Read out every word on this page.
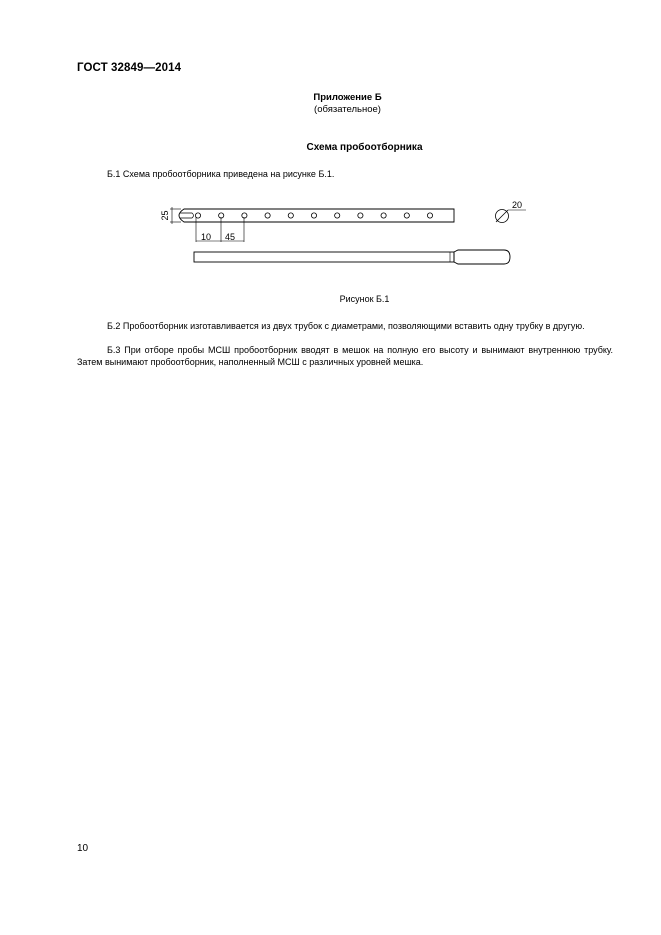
ГОСТ 32849—2014
Приложение Б
(обязательное)
Схема пробоотборника
Б.1 Схема пробоотборника приведена на рисунке Б.1.
25
10 45
20
Рисунок Б.1
Б.2 Пробоотборник изготавливается из двух трубок с диаметрами, позволяющими вставить одну трубку в другую.
Б.3 При отборе пробы МСШ пробоотборник вводят в мешок на полную его высоту и вынимают внутреннюю трубку. Затем вынимают пробоотборник, наполненный МСШ с различных уровней мешка.
10
